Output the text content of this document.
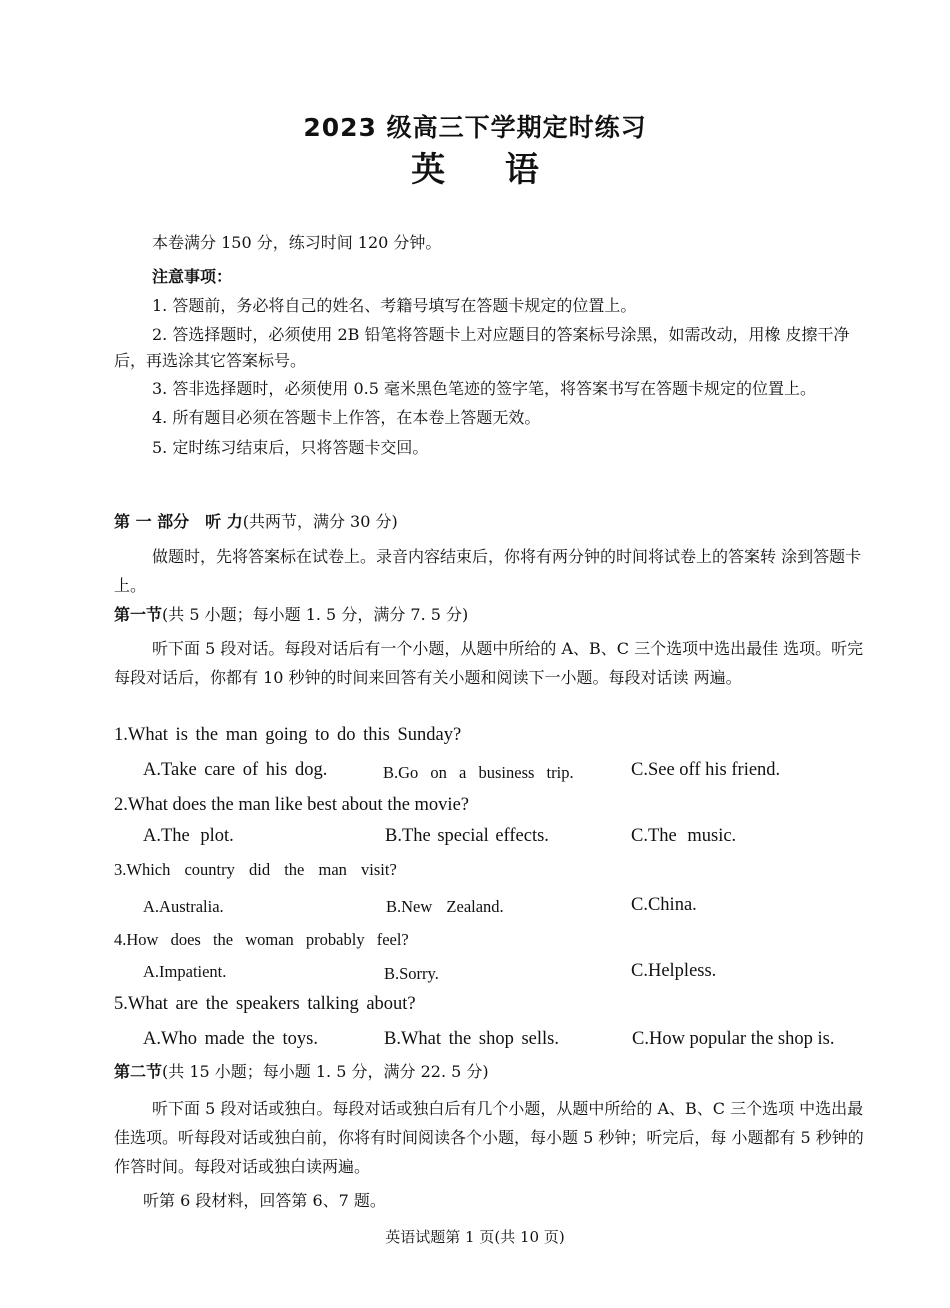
2023 级高三下学期定时练习
英 语
本卷满分 150 分，练习时间 120 分钟。
注意事项：
1. 答题前，务必将自己的姓名、考籍号填写在答题卡规定的位置上。
2. 答选择题时，必须使用 2B 铅笔将答题卡上对应题目的答案标号涂黑，如需改动，用橡 皮擦干净后，再选涂其它答案标号。
3. 答非选择题时，必须使用 0.5 毫米黑色笔迹的签字笔，将答案书写在答题卡规定的位置上。
4. 所有题目必须在答题卡上作答，在本卷上答题无效。
5. 定时练习结束后，只将答题卡交回。
第 一 部分　听 力(共两节，满分 30 分)
做题时，先将答案标在试卷上。录音内容结束后，你将有两分钟的时间将试卷上的答案转 涂到答题卡上。
第一节(共 5 小题；每小题 1. 5 分，满分 7. 5 分)
听下面 5 段对话。每段对话后有一个小题，从题中所给的 A、B、C 三个选项中选出最佳 选项。听完每段对话后，你都有 10 秒钟的时间来回答有关小题和阅读下一小题。每段对话读 两遍。
1.What is the man going to do this Sunday?
A.Take care of his dog.	B.Go on a business trip.	C.See off his friend.
2.What does the man like best about the movie?
A.The plot.	B.The special effects.	C.The music.
3.Which country did the man visit?
A.Australia.	B.New Zealand.	C.China.
4.How does the woman probably feel?
A.Impatient.	B.Sorry.	C.Helpless.
5.What are the speakers talking about?
A.Who made the toys.	B.What the shop sells.	C.How popular the shop is.
第二节(共 15 小题；每小题 1. 5 分，满分 22. 5 分)
听下面 5 段对话或独白。每段对话或独白后有几个小题，从题中所给的 A、B、C 三个选项 中选出最佳选项。听每段对话或独白前，你将有时间阅读各个小题，每小题 5 秒钟；听完后，每 小题都有 5 秒钟的作答时间。每段对话或独白读两遍。
听第 6 段材料，回答第 6、7 题。
英语试题第 1 页(共 10 页)
